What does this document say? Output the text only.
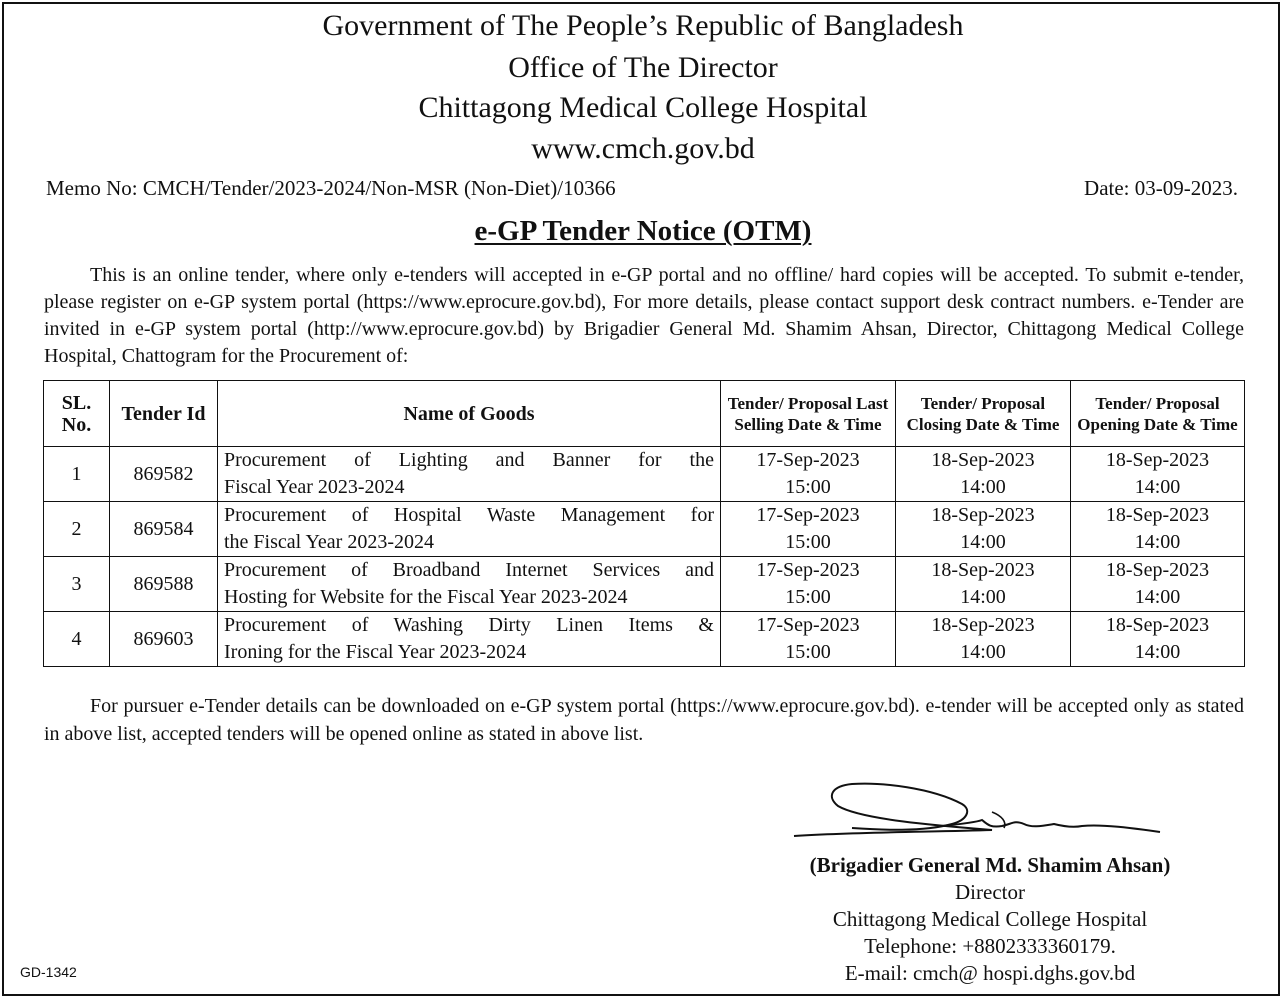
Government of The People’s Republic of Bangladesh
Office of The Director
Chittagong Medical College Hospital
www.cmch.gov.bd
Memo No: CMCH/Tender/2023-2024/Non-MSR (Non-Diet)/10366	Date: 03-09-2023.
e-GP Tender Notice (OTM)

This is an online tender, where only e-tenders will accepted in e-GP portal and no offline/ hard copies will be accepted. To submit e-tender, please register on e-GP system portal (https://www.eprocure.gov.bd), For more details, please contact support desk contract numbers. e-Tender are invited in e-GP system portal (http://www.eprocure.gov.bd) by Brigadier General Md. Shamim Ahsan, Director, Chittagong Medical College Hospital, Chattogram for the Procurement of:

SL. No.	Tender Id	Name of Goods	Tender/ Proposal Last Selling Date & Time	Tender/ Proposal Closing Date & Time	Tender/ Proposal Opening Date & Time

1	869582	Procurement of Lighting and Banner for the
Fiscal Year 2023-2024	17-Sep-2023
15:00	18-Sep-2023
14:00	18-Sep-2023
14:00

2	869584	Procurement of Hospital Waste Management for
the Fiscal Year 2023-2024	17-Sep-2023
15:00	18-Sep-2023
14:00	18-Sep-2023
14:00

3	869588	Procurement of Broadband Internet Services and
Hosting for Website for the Fiscal Year 2023-2024	17-Sep-2023
15:00	18-Sep-2023
14:00	18-Sep-2023
14:00

4	869603	Procurement of Washing Dirty Linen Items &
Ironing for the Fiscal Year 2023-2024	17-Sep-2023
15:00	18-Sep-2023
14:00	18-Sep-2023
14:00

For pursuer e-Tender details can be downloaded on e-GP system portal (https://www.eprocure.gov.bd). e-tender will be accepted only as stated in above list, accepted tenders will be opened online as stated in above list.

(Brigadier General Md. Shamim Ahsan)
Director
Chittagong Medical College Hospital
Telephone: +8802333360179.
E-mail: cmch@ hospi.dghs.gov.bd
GD-1342
